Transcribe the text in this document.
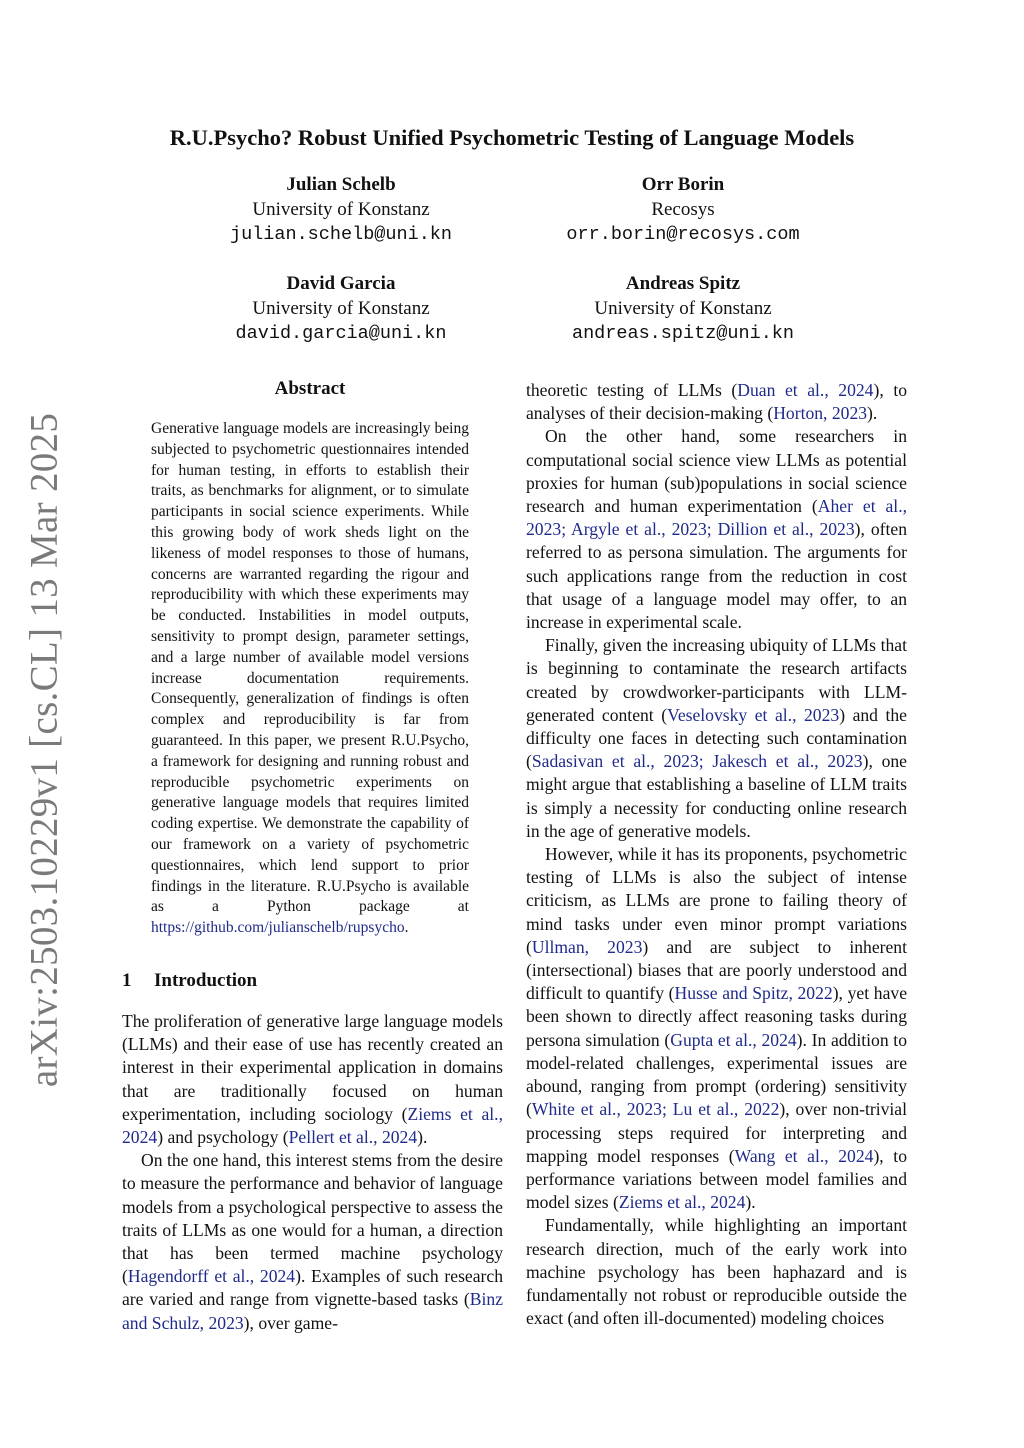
arXiv:2503.10229v1 [cs.CL] 13 Mar 2025
R.U.Psycho? Robust Unified Psychometric Testing of Language Models
Julian Schelb
University of Konstanz
julian.schelb@uni.kn
Orr Borin
Recosys
orr.borin@recosys.com
David Garcia
University of Konstanz
david.garcia@uni.kn
Andreas Spitz
University of Konstanz
andreas.spitz@uni.kn
Abstract
Generative language models are increasingly being subjected to psychometric questionnaires intended for human testing, in efforts to establish their traits, as benchmarks for alignment, or to simulate participants in social science experiments. While this growing body of work sheds light on the likeness of model responses to those of humans, concerns are warranted regarding the rigour and reproducibility with which these experiments may be conducted. Instabilities in model outputs, sensitivity to prompt design, parameter settings, and a large number of available model versions increase documentation requirements. Consequently, generalization of findings is often complex and reproducibility is far from guaranteed. In this paper, we present R.U.Psycho, a framework for designing and running robust and reproducible psychometric experiments on generative language models that requires limited coding expertise. We demonstrate the capability of our framework on a variety of psychometric questionnaires, which lend support to prior findings in the literature. R.U.Psycho is available as a Python package at https://github.com/julianschelb/rupsycho.
1 Introduction

The proliferation of generative large language models (LLMs) and their ease of use has recently created an interest in their experimental application in domains that are traditionally focused on human experimentation, including sociology (Ziems et al., 2024) and psychology (Pellert et al., 2024).

On the one hand, this interest stems from the desire to measure the performance and behavior of language models from a psychological perspective to assess the traits of LLMs as one would for a human, a direction that has been termed machine psychology (Hagendorff et al., 2024). Examples of such research are varied and range from vignette-based tasks (Binz and Schulz, 2023), over game-

theoretic testing of LLMs (Duan et al., 2024), to analyses of their decision-making (Horton, 2023).

On the other hand, some researchers in computational social science view LLMs as potential proxies for human (sub)populations in social science research and human experimentation (Aher et al., 2023; Argyle et al., 2023; Dillion et al., 2023), often referred to as persona simulation. The arguments for such applications range from the reduction in cost that usage of a language model may offer, to an increase in experimental scale.

Finally, given the increasing ubiquity of LLMs that is beginning to contaminate the research artifacts created by crowdworker-participants with LLM-generated content (Veselovsky et al., 2023) and the difficulty one faces in detecting such contamination (Sadasivan et al., 2023; Jakesch et al., 2023), one might argue that establishing a baseline of LLM traits is simply a necessity for conducting online research in the age of generative models.

However, while it has its proponents, psychometric testing of LLMs is also the subject of intense criticism, as LLMs are prone to failing theory of mind tasks under even minor prompt variations (Ullman, 2023) and are subject to inherent (intersectional) biases that are poorly understood and difficult to quantify (Husse and Spitz, 2022), yet have been shown to directly affect reasoning tasks during persona simulation (Gupta et al., 2024). In addition to model-related challenges, experimental issues are abound, ranging from prompt (ordering) sensitivity (White et al., 2023; Lu et al., 2022), over non-trivial processing steps required for interpreting and mapping model responses (Wang et al., 2024), to performance variations between model families and model sizes (Ziems et al., 2024).

Fundamentally, while highlighting an important research direction, much of the early work into machine psychology has been haphazard and is fundamentally not robust or reproducible outside the exact (and often ill-documented) modeling choices
